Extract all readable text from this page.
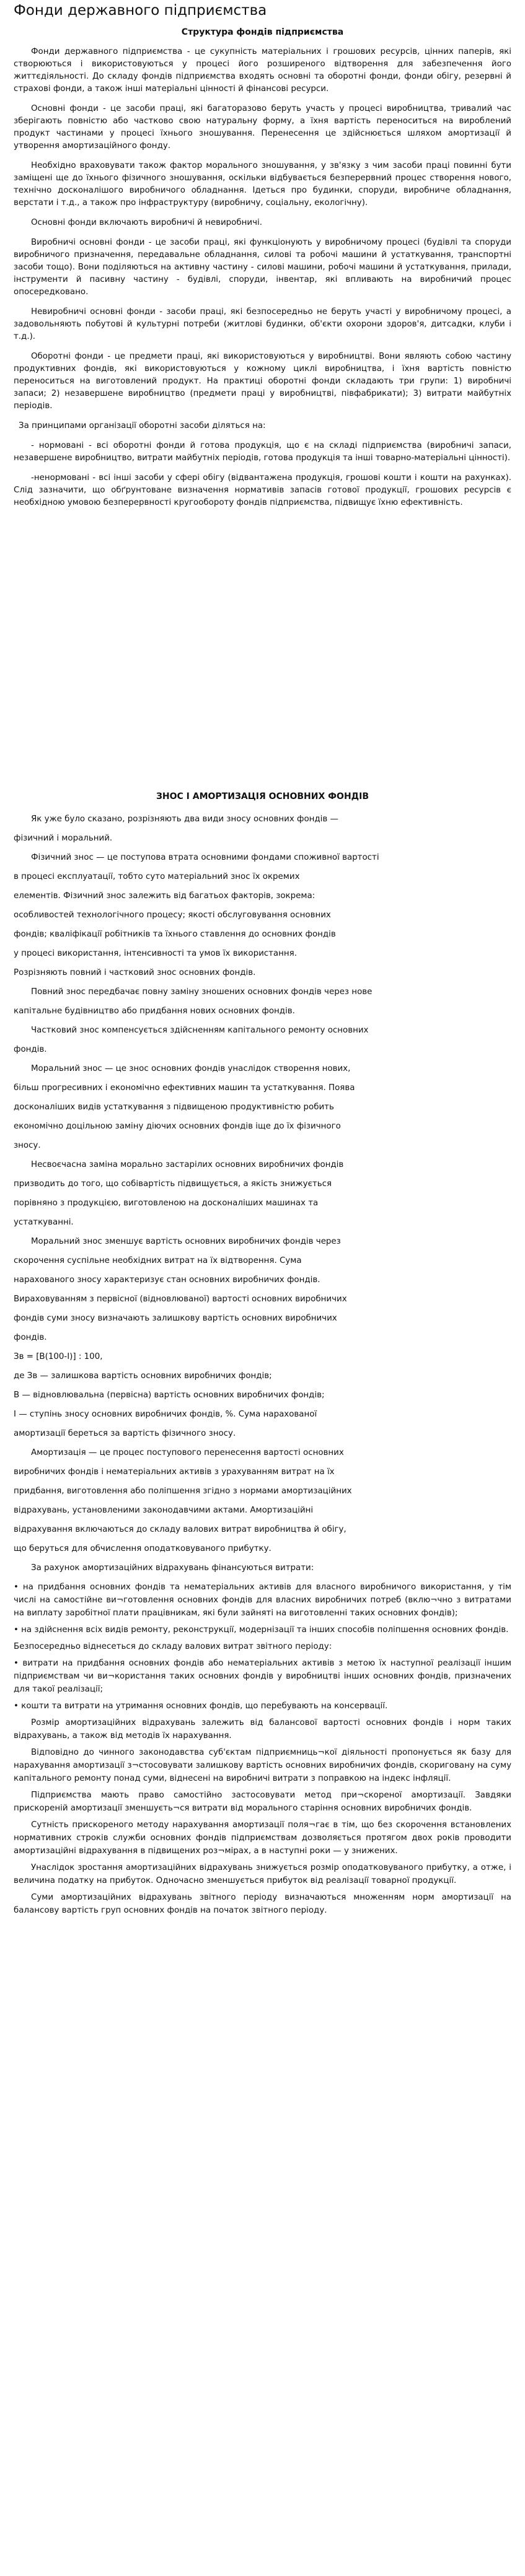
Фонди державного підприємства
Структура фондів підприємства

Фонди державного підприємства - це сукупність матеріальних і грошових ресурсів, цінних паперів, які створюються і використовуються у процесі його розширеного відтворення для забезпечення його життєдіяльності. До складу фондів підприємства входять основні та оборотні фонди, фонди обігу, резервні й страхові фонди, а також інші матеріальні цінності й фінансові ресурси.

Основні фонди - це засоби праці, які багаторазово беруть участь у процесі виробництва, тривалий час зберігають повністю або частково свою натуральну форму, а їхня вартість переноситься на вироблений продукт частинами у процесі їхнього зношування. Перенесення це здійснюється шляхом амортизації й утворення амортизаційного фонду.

Необхідно враховувати також фактор морального зношування, у зв'язку з чим засоби праці повинні бути заміщені ще до їхнього фізичного зношування, оскільки відбувається безперервний процес створення нового, технічно досконалішого виробничого обладнання. Ідеться про будинки, споруди, виробниче обладнання, верстати і т.д., а також про інфраструктуру (виробничу, соціальну, екологічну).

Основні фонди включають виробничі й невиробничі.

Виробничі основні фонди - це засоби праці, які функціонують у виробничому процесі (будівлі та споруди виробничого призначення, передавальне обладнання, силові та робочі машини й устаткування, транспортні засоби тощо). Вони поділяються на активну частину - силові машини, робочі машини й устаткування, прилади, інструменти й пасивну частину - будівлі, споруди, інвентар, які впливають на виробничий процес опосередковано.

Невиробничі основні фонди - засоби праці, які безпосередньо не беруть участі у виробничому процесі, а задовольняють побутові й культурні потреби (житлові будинки, об'єкти охорони здоров'я, дитсадки, клуби і т.д.).

Оборотні фонди - це предмети праці, які використовуються у виробництві. Вони являють собою частину продуктивних фондів, які використовуються у кожному циклі виробництва, і їхня вартість повністю переноситься на виготовлений продукт. На практиці оборотні фонди складають три групи: 1) виробничі запаси; 2) незавершене виробництво (предмети праці у виробництві, півфабрикати); 3) витрати майбутніх періодів.

За принципами організації оборотні засоби діляться на:

- нормовані - всі оборотні фонди й готова продукція, що є на складі підприємства (виробничі запаси, незавершене виробництво, витрати майбутніх періодів, готова продукція та інші товарно-матеріальні цінності).

-ненормовані - всі інші засоби у сфері обігу (відвантажена продукція, грошові кошти і кошти на рахунках). Слід зазначити, що обґрунтоване визначення нормативів запасів готової продукції, грошових ресурсів є необхідною умовою безперервності кругообороту фондів підприємства, підвищує їхню ефективність.

ЗНОС І АМОРТИЗАЦІЯ ОСНОВНИХ ФОНДІВ

Як уже було сказано, розрізняють два види зносу основних фондів —

фізичний і моральний.

Фізичний знос — це поступова втрата основними фондами споживної вартості

в процесі експлуатації, тобто суто матеріальний знос їх окремих

елементів. Фізичний знос залежить від багатьох факторів, зокрема:

особливостей технологічного процесу; якості обслуговування основних

фондів; кваліфікації робітників та їхнього ставлення до основних фондів

у процесі використання, інтенсивності та умов їх використання.

Розрізняють повний і частковий знос основних фондів.

Повний знос передбачає повну заміну зношених основних фондів через нове

капітальне будівництво або придбання нових основних фондів.

Частковий знос компенсується здійсненням капітального ремонту основних

фондів.

Моральний знос — це знос основних фондів унаслідок створення нових,

більш прогресивних і економічно ефективних машин та устаткування. Поява

досконаліших видів устаткування з підвищеною продуктивністю робить

економічно доцільною заміну діючих основних фондів іще до їх фізичного

зносу.

Несвоєчасна заміна морально застарілих основних виробничих фондів

призводить до того, що собівартість підвищується, а якість знижується

порівняно з продукцією, виготовленою на досконаліших машинах та

устаткуванні.

Моральний знос зменшує вартість основних виробничих фондів через

скорочення суспільне необхідних витрат на їх відтворення. Сума

нарахованого зносу характеризує стан основних виробничих фондів.

Вираховуванням з первісної (відновлюваної) вартості основних виробничих

фондів суми зносу визначають залишкову вартість основних виробничих

фондів.

Зв = [В(100-І)] : 100,

де Зв — залишкова вартість основних виробничих фондів;

В — відновлювальна (первісна) вартість основних виробничих фондів;

І — ступінь зносу основних виробничих фондів, %. Сума нарахованої

амортизації береться за вартість фізичного зносу.

Амортизація — це процес поступового перенесення вартості основних

виробничих фондів і нематеріальних активів з урахуванням витрат на їх

придбання, виготовлення або поліпшення згідно з нормами амортизаційних

відрахувань, установленими законодавчими актами. Амортизаційні

відрахування включаються до складу валових витрат виробництва й обігу,

що беруться для обчислення оподатковуваного прибутку.

За рахунок амортизаційних відрахувань фінансуються витрати:

• на придбання основних фондів та нематеріальних активів для власного виробничого використання, у тім числі на самостійне ви¬готовлення основних фондів для власних виробничих потреб (вклю¬чно з витратами на виплату заробітної плати працівникам, які були зайняті на виготовленні таких основних фондів);

• на здійснення всіх видів ремонту, реконструкції, модернізації та інших способів поліпшення основних фондів.

Безпосередньо віднесеться до складу валових витрат звітного періоду:

• витрати на придбання основних фондів або нематеріальних активів з метою їх наступної реалізації іншим підприємствам чи ви¬користання таких основних фондів у виробництві інших основних фондів, призначених для такої реалізації;

• кошти та витрати на утримання основних фондів, що перебувають на консервації.

Розмір амортизаційних відрахувань залежить від балансової вартості основних фондів і норм таких відрахувань, а також від методів їх нарахування.

Відповідно до чинного законодавства суб'єктам підприємниць¬кої діяльності пропонується як базу для нарахування амортизації з¬стосовувати залишкову вартість основних виробничих фондів, скориговану на суму капітального ремонту понад суми, віднесені на виробничі витрати з поправкою на індекс інфляції.

Підприємства мають право самостійно застосовувати метод при¬скореної амортизації. Завдяки прискореній амортизації зменшуєть¬ся витрати від морального старіння основних виробничих фондів.

Сутність прискореного методу нарахування амортизації поля¬гає в тім, що без скорочення встановлених нормативних строків служби основних фондів підприємствам дозволяється протягом двох років проводити амортизаційні відрахування в підвищених роз¬мірах, а в наступні роки — у знижених.

Унаслідок зростання амортизаційних відрахувань знижується розмір оподатковуваного прибутку, а отже, і величина податку на прибуток. Одночасно зменшується прибуток від реалізації товарної продукції.

Суми амортизаційних відрахувань звітного періоду визначаються множенням норм амортизації на балансову вартість груп основних фондів на початок звітного періоду.
